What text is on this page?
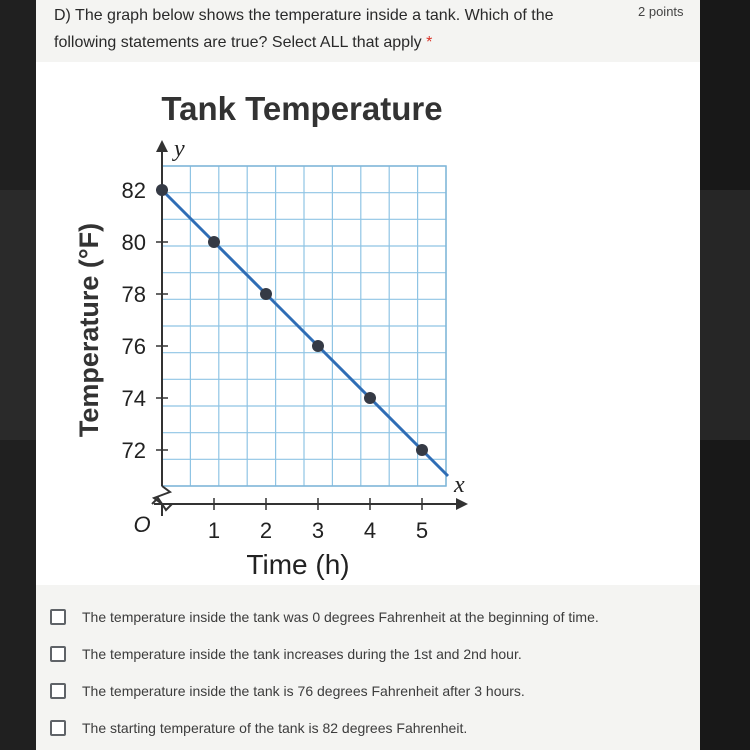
D) The graph below shows the temperature inside a tank. Which of the following statements are true? Select ALL that apply *
2 points
y
x
1 2 3 4 5
O
82
80
78
76
74
72
Tank Temperature
Time (h)
Temperature (°F)
The temperature inside the tank was 0 degrees Fahrenheit at the beginning of time.
The temperature inside the tank increases during the 1st and 2nd hour.
The temperature inside the tank is 76 degrees Fahrenheit after 3 hours.
The starting temperature of the tank is 82 degrees Fahrenheit.
